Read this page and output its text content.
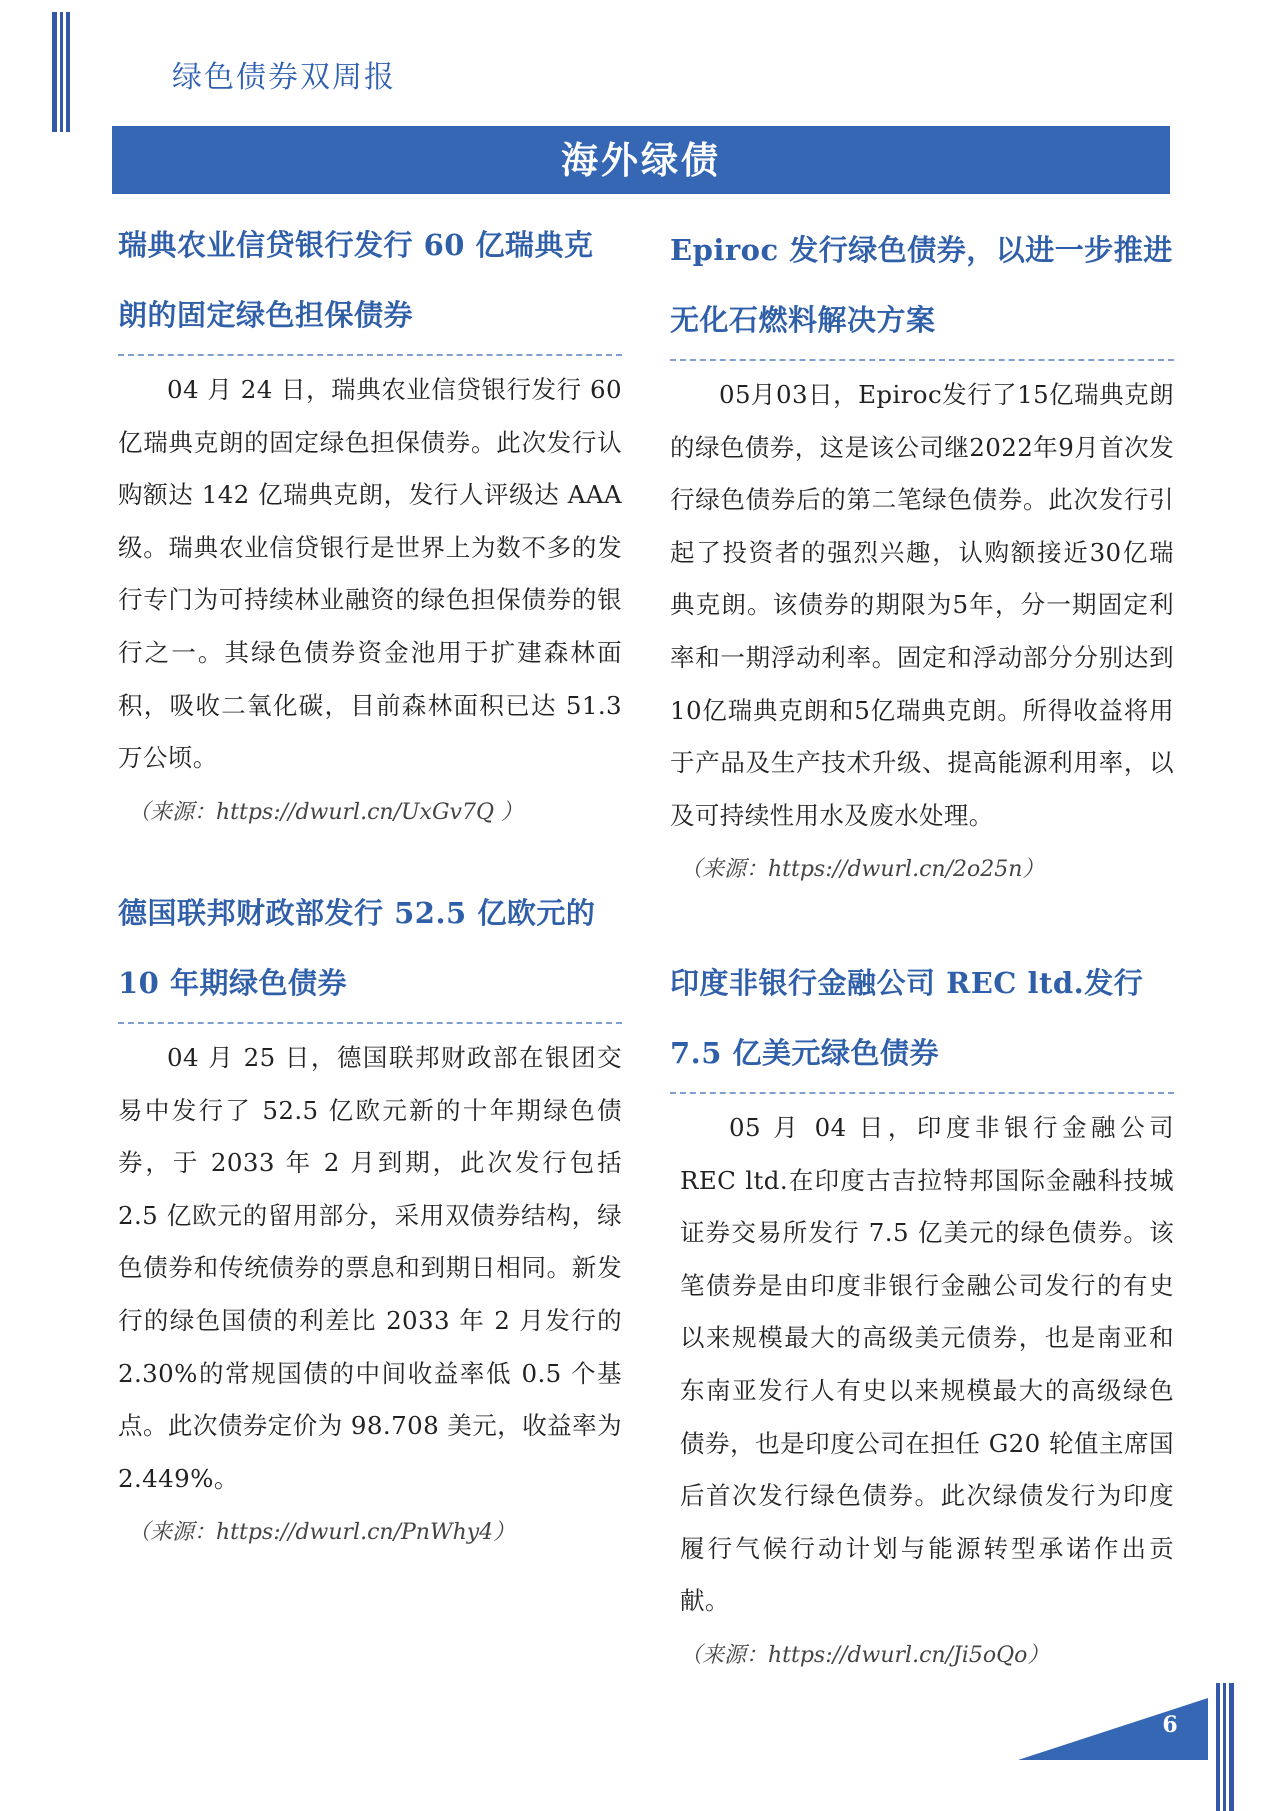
绿色债券双周报
海外绿债
瑞典农业信贷银行发行 60 亿瑞典克朗的固定绿色担保债券

04 月 24 日，瑞典农业信贷银行发行 60 亿瑞典克朗的固定绿色担保债券。此次发行认购额达 142 亿瑞典克朗，发行人评级达 AAA 级。瑞典农业信贷银行是世界上为数不多的发行专门为可持续林业融资的绿色担保债券的银行之一。其绿色债券资金池用于扩建森林面积，吸收二氧化碳，目前森林面积已达 51.3 万公顷。

（来源：https://dwurl.cn/UxGv7Q ）
Epiroc 发行绿色债券，以进一步推进无化石燃料解决方案

05月03日，Epiroc发行了15亿瑞典克朗的绿色债券，这是该公司继2022年9月首次发行绿色债券后的第二笔绿色债券。此次发行引起了投资者的强烈兴趣，认购额接近30亿瑞典克朗。该债券的期限为5年，分一期固定利率和一期浮动利率。固定和浮动部分分别达到10亿瑞典克朗和5亿瑞典克朗。所得收益将用于产品及生产技术升级、提高能源利用率，以及可持续性用水及废水处理。

（来源：https://dwurl.cn/2o25n）
德国联邦财政部发行 52.5 亿欧元的 10 年期绿色债券

04 月 25 日，德国联邦财政部在银团交易中发行了 52.5 亿欧元新的十年期绿色债券，于 2033 年 2 月到期，此次发行包括 2.5 亿欧元的留用部分，采用双债券结构，绿色债券和传统债券的票息和到期日相同。新发行的绿色国债的利差比 2033 年 2 月发行的 2.30%的常规国债的中间收益率低 0.5 个基点。此次债券定价为 98.708 美元，收益率为 2.449%。

（来源：https://dwurl.cn/PnWhy4）
印度非银行金融公司 REC ltd.发行 7.5 亿美元绿色债券

05 月 04 日，印度非银行金融公司 REC ltd.在印度古吉拉特邦国际金融科技城证券交易所发行 7.5 亿美元的绿色债券。该笔债券是由印度非银行金融公司发行的有史以来规模最大的高级美元债券，也是南亚和东南亚发行人有史以来规模最大的高级绿色债券，也是印度公司在担任 G20 轮值主席国后首次发行绿色债券。此次绿债发行为印度履行气候行动计划与能源转型承诺作出贡献。

（来源：https://dwurl.cn/Ji5oQo）
6
